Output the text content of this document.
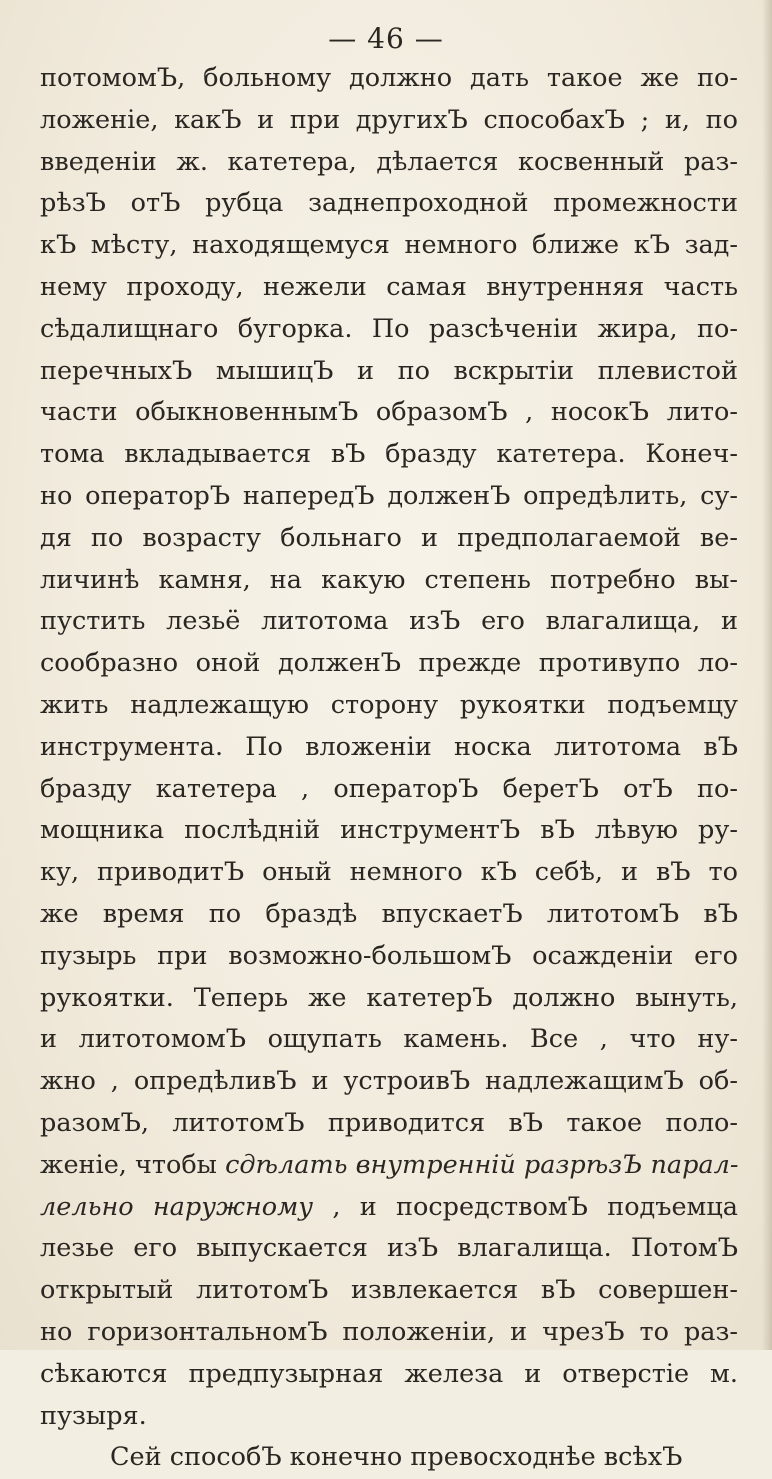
— 46 —
потомомЪ, больному должно дать такое же по-
ложеніе, какЪ и при другихЪ способахЪ ; и, по
введеніи ж. катетера, дѣлается косвенный раз-
рѣзЪ отЪ рубца заднепроходной промежности
кЪ мѣсту, находящемуся немного ближе кЪ зад-
нему проходу, нежели самая внутренняя часть
сѣдалищнаго бугорка. По разсѣченіи жира, по-
перечныхЪ мышицЪ и по вскрытіи плевистой
части обыкновеннымЪ образомЪ , носокЪ лито-
тома вкладывается вЪ бразду катетера. Конеч-
но операторЪ напередЪ долженЪ опредѣлить, су-
дя по возрасту больнаго и предполагаемой ве-
личинѣ камня, на какую степень потребно вы-
пустить лезьё литотома изЪ его влагалища, и
сообразно оной долженЪ прежде противупо ло-
жить надлежащую сторону рукоятки подъемцу
инструмента. По вложеніи носка литотома вЪ
бразду катетера , операторЪ беретЪ отЪ по-
мощника послѣдній инструментЪ вЪ лѣвую ру-
ку, приводитЪ оный немного кЪ себѣ, и вЪ то
же время по браздѣ впускаетЪ литотомЪ вЪ
пузырь при возможно-большомЪ осажденіи его
рукоятки. Теперь же катетерЪ должно вынуть,
и литотомомЪ ощупать камень. Все , что ну-
жно , опредѣливЪ и устроивЪ надлежащимЪ об-
разомЪ, литотомЪ приводится вЪ такое поло-
женіе, чтобы сдѣлать внутренній разрѣзЪ парал-
лельно наружному , и посредствомЪ подъемца
лезье его выпускается изЪ влагалища. ПотомЪ
открытый литотомЪ извлекается вЪ совершен-
но горизонтальномЪ положеніи, и чрезЪ то раз-
сѣкаются предпузырная железа и отверстіе м.
пузыря.
Сей способЪ конечно превосходнѣе всѣхЪ
